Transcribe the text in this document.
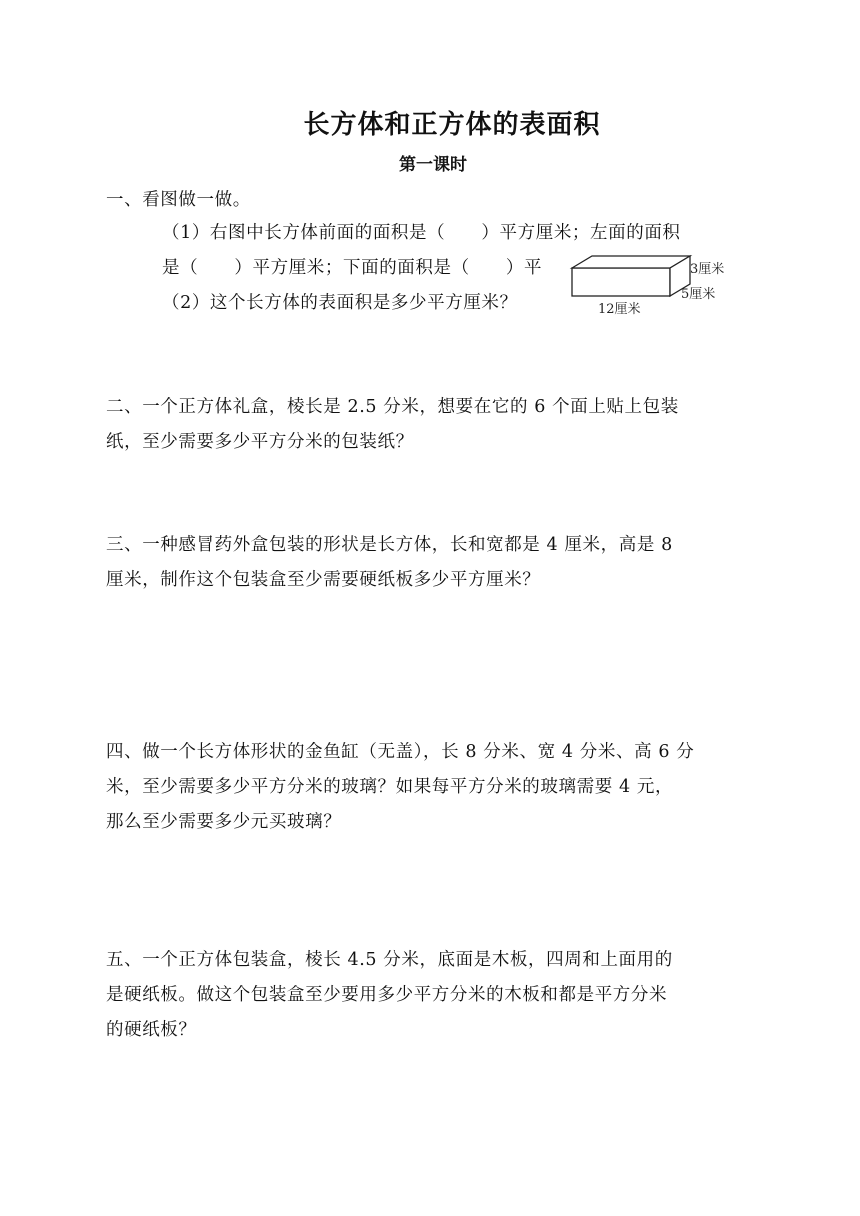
长方体和正方体的表面积
第一课时
一、看图做一做。
（1）右图中长方体前面的面积是（　　）平方厘米；左面的面积
是（　　）平方厘米；下面的面积是（　　）平
（2）这个长方体的表面积是多少平方厘米？
3厘米
5厘米
12厘米
二、一个正方体礼盒，棱长是 2.5 分米，想要在它的 6 个面上贴上包装
纸，至少需要多少平方分米的包装纸？
三、一种感冒药外盒包装的形状是长方体，长和宽都是 4 厘米，高是 8
厘米，制作这个包装盒至少需要硬纸板多少平方厘米？
四、做一个长方体形状的金鱼缸（无盖），长 8 分米、宽 4 分米、高 6 分
米，至少需要多少平方分米的玻璃？如果每平方分米的玻璃需要 4 元，
那么至少需要多少元买玻璃？
五、一个正方体包装盒，棱长 4.5 分米，底面是木板，四周和上面用的
是硬纸板。做这个包装盒至少要用多少平方分米的木板和都是平方分米
的硬纸板？
